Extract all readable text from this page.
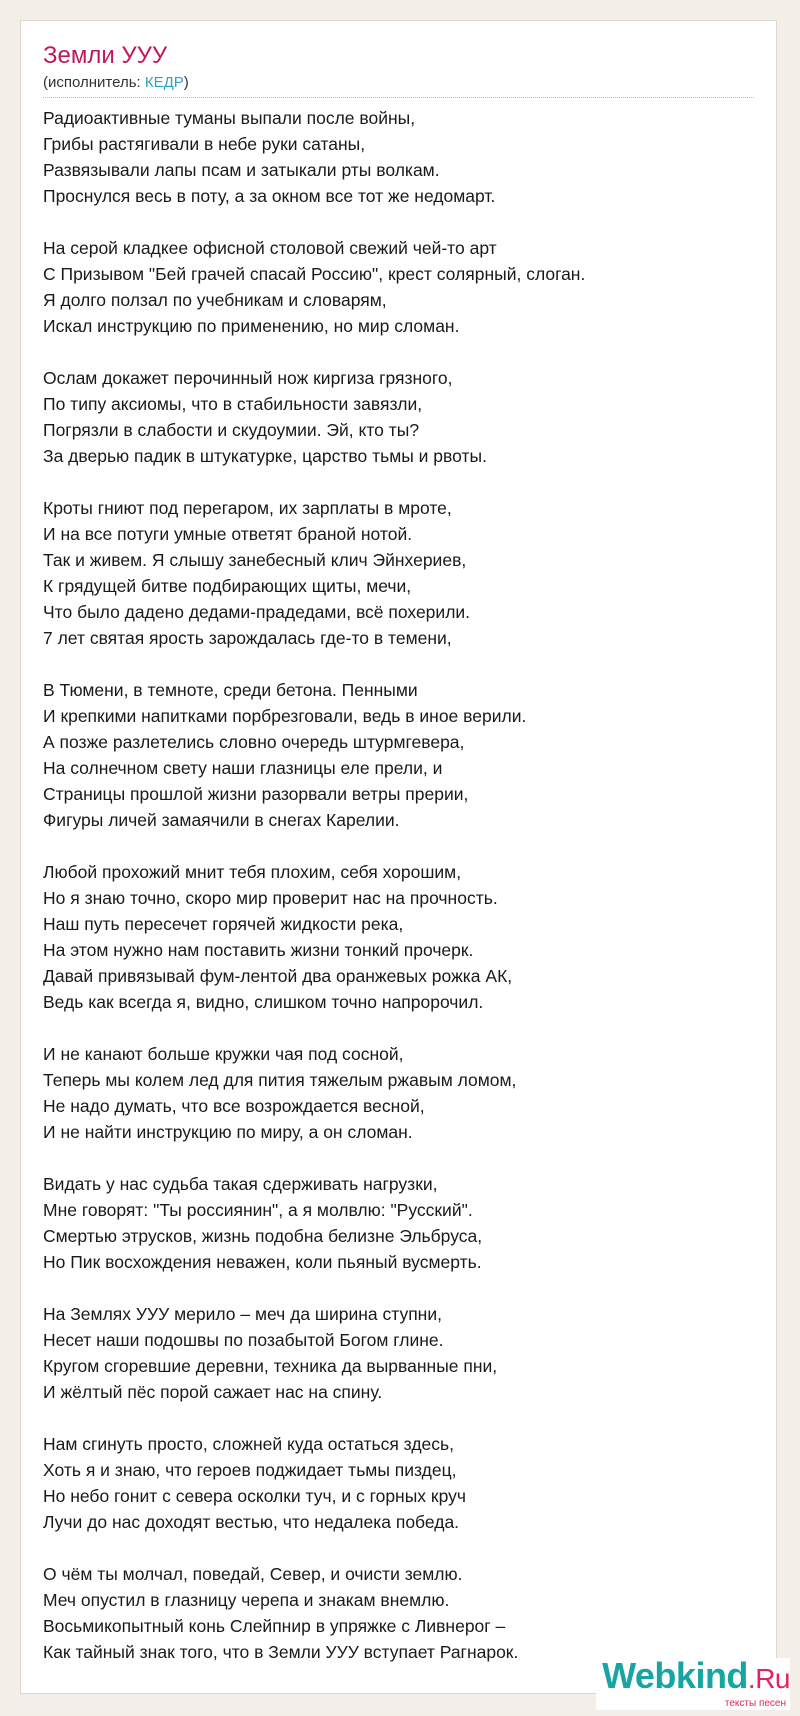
Земли УУУ
(исполнитель: КЕДР)
Радиоактивные туманы выпали после войны,
Грибы растягивали в небе руки сатаны,
Развязывали лапы псам и затыкали рты волкам.
Проснулся весь в поту, а за окном все тот же недомарт.
На серой кладкее офисной столовой свежий чей-то арт
С Призывом "Бей грачей спасай Россию", крест солярный, слоган.
Я долго ползал по учебникам и словарям,
Искал инструкцию по применению, но мир сломан.
Ослам докажет перочинный нож киргиза грязного,
По типу аксиомы, что в стабильности завязли,
Погрязли в слабости и скудоумии. Эй, кто ты?
За дверью падик в штукатурке, царство тьмы и рвоты.
Кроты гниют под перегаром, их зарплаты в мроте,
И на все потуги умные ответят браной нотой.
Так и живем. Я слышу занебесный клич Эйнхериев,
К грядущей битве подбирающих щиты, мечи,
Что было дадено дедами-прадедами, всё похерили.
7 лет святая ярость зарождалась где-то в темени,
В Тюмени, в темноте, среди бетона. Пенными
И крепкими напитками порбрезговали, ведь в иное верили.
А позже разлетелись словно очередь штурмгевера,
На солнечном свету наши глазницы еле прели, и
Страницы прошлой жизни разорвали ветры прерии,
Фигуры личей замаячили в снегах Карелии.
Любой прохожий мнит тебя плохим, себя хорошим,
Но я знаю точно, скоро мир проверит нас на прочность.
Наш путь пересечет горячей жидкости река,
На этом нужно нам поставить жизни тонкий прочерк.
Давай привязывай фум-лентой два оранжевых рожка АК,
Ведь как всегда я, видно, слишком точно напророчил.
И не канают больше кружки чая под сосной,
Теперь мы колем лед для пития тяжелым ржавым ломом,
Не надо думать, что все возрождается весной,
И не найти инструкцию по миру, а он сломан.
Видать у нас судьба такая сдерживать нагрузки,
Мне говорят: "Ты россиянин", а я молвлю: "Русский".
Смертью этрусков, жизнь подобна белизне Эльбруса,
Но Пик восхождения неважен, коли пьяный вусмерть.
На Землях УУУ мерило – меч да ширина ступни,
Несет наши подошвы по позабытой Богом глине.
Кругом сгоревшие деревни, техника да вырванные пни,
И жёлтый пёс порой сажает нас на спину.
Нам сгинуть просто, сложней куда остаться здесь,
Хоть я и знаю, что героев поджидает тьмы пиздец,
Но небо гонит с севера осколки туч, и с горных круч
Лучи до нас доходят вестью, что недалека победа.
О чём ты молчал, поведай, Север, и очисти землю.
Меч опустил в глазницу черепа и знакам внемлю.
Восьмикопытный конь Слейпнир в упряжке с Ливнерог –
Как тайный знак того, что в Земли УУУ вступает Рагнарок.
Webkind.Ru
тексты песен
